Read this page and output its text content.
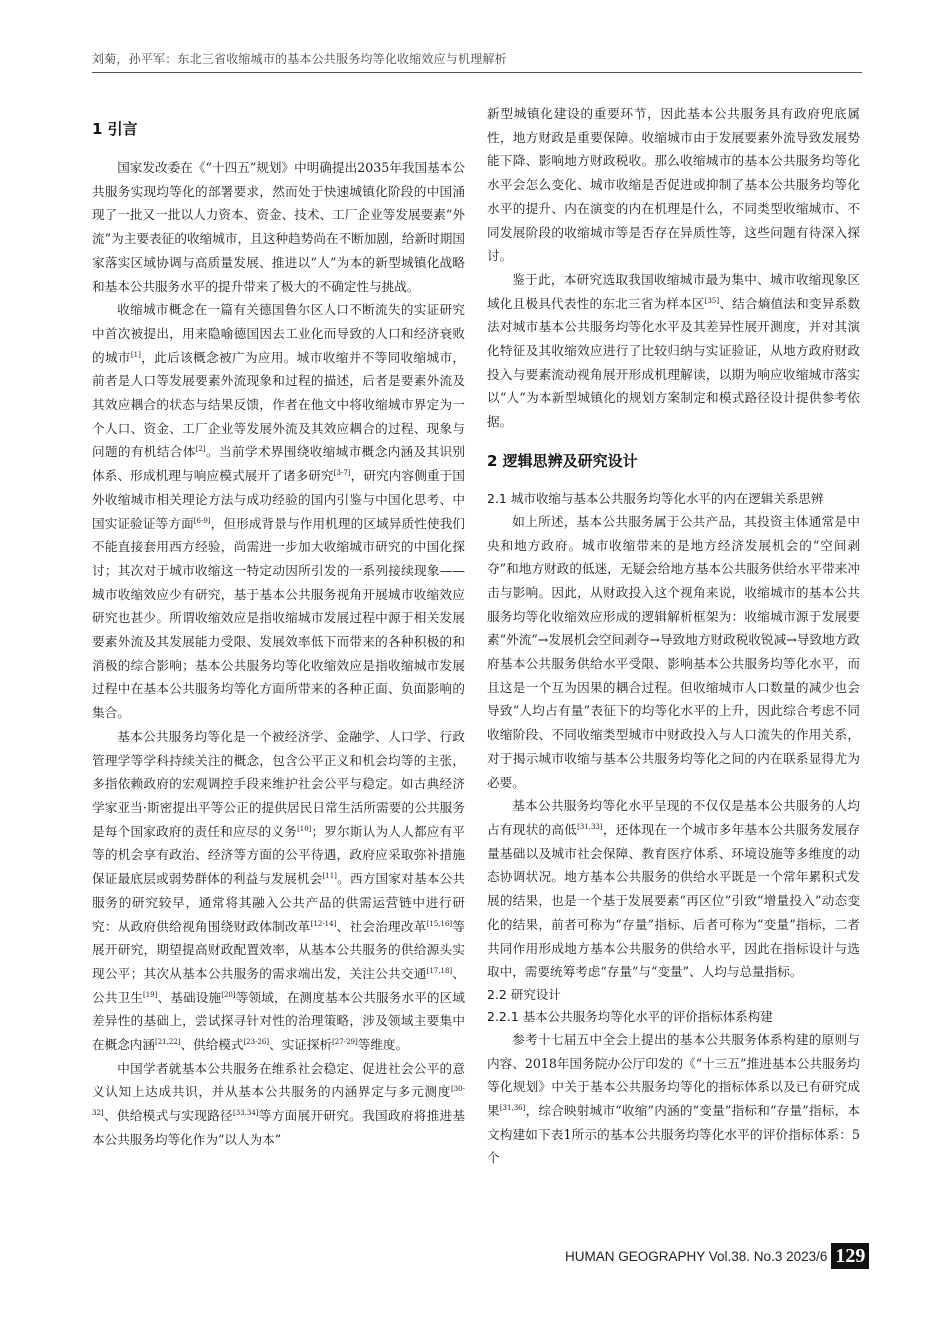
刘菊，孙平军：东北三省收缩城市的基本公共服务均等化收缩效应与机理解析
1 引言

国家发改委在《“十四五”规划》中明确提出2035年我国基本公共服务实现均等化的部署要求，然而处于快速城镇化阶段的中国涌现了一批又一批以人力资本、资金、技术、工厂企业等发展要素“外流”为主要表征的收缩城市，且这种趋势尚在不断加剧，给新时期国家落实区域协调与高质量发展、推进以“人”为本的新型城镇化战略和基本公共服务水平的提升带来了极大的不确定性与挑战。

收缩城市概念在一篇有关德国鲁尔区人口不断流失的实证研究中首次被提出，用来隐喻德国因去工业化而导致的人口和经济衰败的城市[1]，此后该概念被广为应用。城市收缩并不等同收缩城市，前者是人口等发展要素外流现象和过程的描述，后者是要素外流及其效应耦合的状态与结果反馈，作者在他文中将收缩城市界定为一个人口、资金、工厂企业等发展外流及其效应耦合的过程、现象与问题的有机结合体[2]。当前学术界围绕收缩城市概念内涵及其识别体系、形成机理与响应模式展开了诸多研究[3-7]，研究内容侧重于国外收缩城市相关理论方法与成功经验的国内引鉴与中国化思考、中国实证验证等方面[6-9]，但形成背景与作用机理的区域异质性使我们不能直接套用西方经验，尚需进一步加大收缩城市研究的中国化探讨；其次对于城市收缩这一特定动因所引发的一系列接续现象——城市收缩效应少有研究，基于基本公共服务视角开展城市收缩效应研究也甚少。所谓收缩效应是指收缩城市发展过程中源于相关发展要素外流及其发展能力受限、发展效率低下而带来的各种积极的和消极的综合影响；基本公共服务均等化收缩效应是指收缩城市发展过程中在基本公共服务均等化方面所带来的各种正面、负面影响的集合。

基本公共服务均等化是一个被经济学、金融学、人口学、行政管理学等学科持续关注的概念，包含公平正义和机会均等的主张，多指依赖政府的宏观调控手段来维护社会公平与稳定。如古典经济学家亚当·斯密提出平等公正的提供居民日常生活所需要的公共服务是每个国家政府的责任和应尽的义务[10]；罗尔斯认为人人都应有平等的机会享有政治、经济等方面的公平待遇，政府应采取弥补措施保证最底层或弱势群体的利益与发展机会[11]。西方国家对基本公共服务的研究较早，通常将其融入公共产品的供需运营链中进行研究：从政府供给视角围绕财政体制改革[12-14]、社会治理改革[15,16]等展开研究，期望提高财政配置效率，从基本公共服务的供给源头实现公平；其次从基本公共服务的需求端出发，关注公共交通[17,18]、公共卫生[19]、基础设施[20]等领域，在测度基本公共服务水平的区域差异性的基础上，尝试探寻针对性的治理策略，涉及领域主要集中在概念内涵[21,22]、供给模式[23-26]、实证探析[27-29]等维度。

中国学者就基本公共服务在维系社会稳定、促进社会公平的意义认知上达成共识，并从基本公共服务的内涵界定与多元测度[30-32]、供给模式与实现路径[33,34]等方面展开研究。我国政府将推进基本公共服务均等化作为“以人为本”

新型城镇化建设的重要环节，因此基本公共服务具有政府兜底属性，地方财政是重要保障。收缩城市由于发展要素外流导致发展势能下降、影响地方财政税收。那么收缩城市的基本公共服务均等化水平会怎么变化、城市收缩是否促进或抑制了基本公共服务均等化水平的提升、内在演变的内在机理是什么，不同类型收缩城市、不同发展阶段的收缩城市等是否存在异质性等，这些问题有待深入探讨。

鉴于此，本研究选取我国收缩城市最为集中、城市收缩现象区域化且极具代表性的东北三省为样本区[35]、结合熵值法和变异系数法对城市基本公共服务均等化水平及其差异性展开测度，并对其演化特征及其收缩效应进行了比较归纳与实证验证，从地方政府财政投入与要素流动视角展开形成机理解读，以期为响应收缩城市落实以“人”为本新型城镇化的规划方案制定和模式路径设计提供参考依据。

2 逻辑思辨及研究设计

2.1 城市收缩与基本公共服务均等化水平的内在逻辑关系思辨

如上所述，基本公共服务属于公共产品，其投资主体通常是中央和地方政府。城市收缩带来的是地方经济发展机会的“空间剥夺”和地方财政的低迷，无疑会给地方基本公共服务供给水平带来冲击与影响。因此，从财政投入这个视角来说，收缩城市的基本公共服务均等化收缩效应形成的逻辑解析框架为：收缩城市源于发展要素“外流”→发展机会空间剥夺→导致地方财政税收锐减→导致地方政府基本公共服务供给水平受限、影响基本公共服务均等化水平，而且这是一个互为因果的耦合过程。但收缩城市人口数量的减少也会导致“人均占有量”表征下的均等化水平的上升，因此综合考虑不同收缩阶段、不同收缩类型城市中财政投入与人口流失的作用关系，对于揭示城市收缩与基本公共服务均等化之间的内在联系显得尤为必要。

基本公共服务均等化水平呈现的不仅仅是基本公共服务的人均占有现状的高低[31,33]，还体现在一个城市多年基本公共服务发展存量基础以及城市社会保障、教育医疗体系、环境设施等多维度的动态协调状况。地方基本公共服务的供给水平既是一个常年累积式发展的结果，也是一个基于发展要素“再区位”引致“增量投入”动态变化的结果，前者可称为“存量”指标、后者可称为“变量”指标，二者共同作用形成地方基本公共服务的供给水平，因此在指标设计与选取中，需要统筹考虑“存量”与“变量”、人均与总量指标。

2.2 研究设计

2.2.1 基本公共服务均等化水平的评价指标体系构建

参考十七届五中全会上提出的基本公共服务体系构建的原则与内容、2018年国务院办公厅印发的《“十三五”推进基本公共服务均等化规划》中关于基本公共服务均等化的指标体系以及已有研究成果[31,36]，综合映射城市“收缩”内涵的“变量”指标和“存量”指标，本文构建如下表1所示的基本公共服务均等化水平的评价指标体系：5个

HUMAN GEOGRAPHY Vol.38. No.3 2023/6 129
